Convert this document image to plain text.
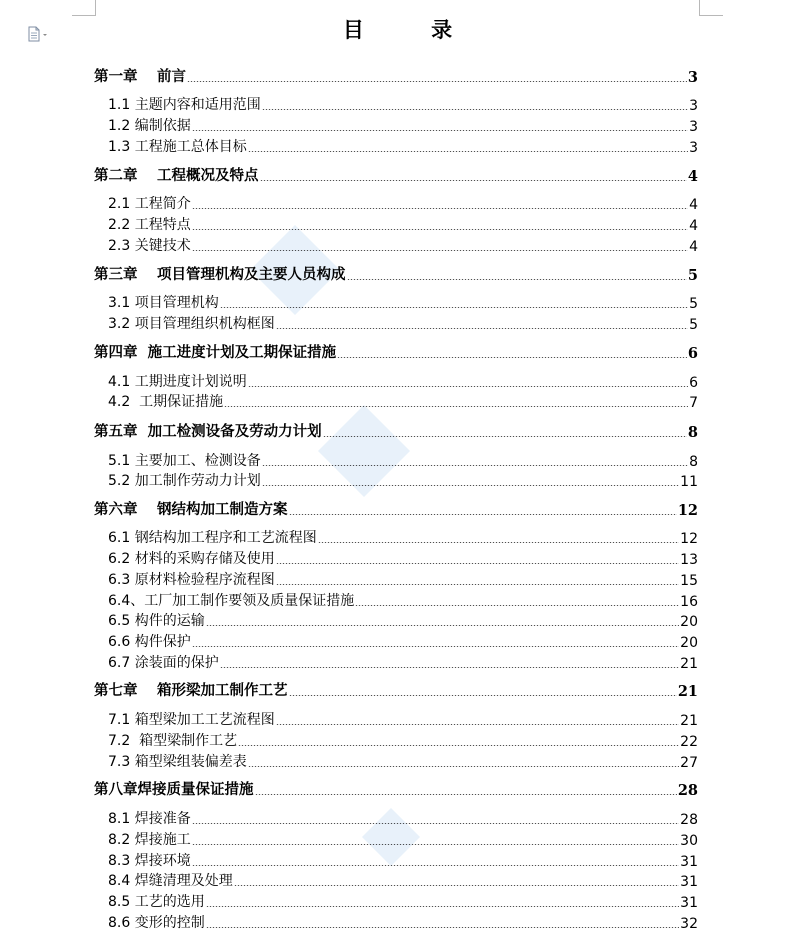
目 录
第一章 　前言	3
1.1 主题内容和适用范围	3
1.2 编制依据	3
1.3 工程施工总体目标	3
第二章 　工程概况及特点	4
2.1 工程简介	4
2.2 工程特点	4
2.3 关键技术	4
第三章 　项目管理机构及主要人员构成	5
3.1 项目管理机构	5
3.2 项目管理组织机构框图	5
第四章  施工进度计划及工期保证措施	6
4.1 工期进度计划说明	6
4.2  工期保证措施	7
第五章  加工检测设备及劳动力计划	8
5.1 主要加工、检测设备	8
5.2 加工制作劳动力计划	11
第六章 　钢结构加工制造方案	12
6.1 钢结构加工程序和工艺流程图	12
6.2 材料的采购存储及使用	13
6.3 原材料检验程序流程图	15
6.4、工厂加工制作要领及质量保证措施	16
6.5 构件的运输	20
6.6 构件保护	20
6.7 涂装面的保护	21
第七章 　箱形梁加工制作工艺	21
7.1 箱型梁加工工艺流程图	21
7.2  箱型梁制作工艺	22
7.3 箱型梁组装偏差表	27
第八章焊接质量保证措施	28
8.1 焊接准备	28
8.2 焊接施工	30
8.3 焊接环境	31
8.4 焊缝清理及处理	31
8.5 工艺的选用	31
8.6 变形的控制	32
